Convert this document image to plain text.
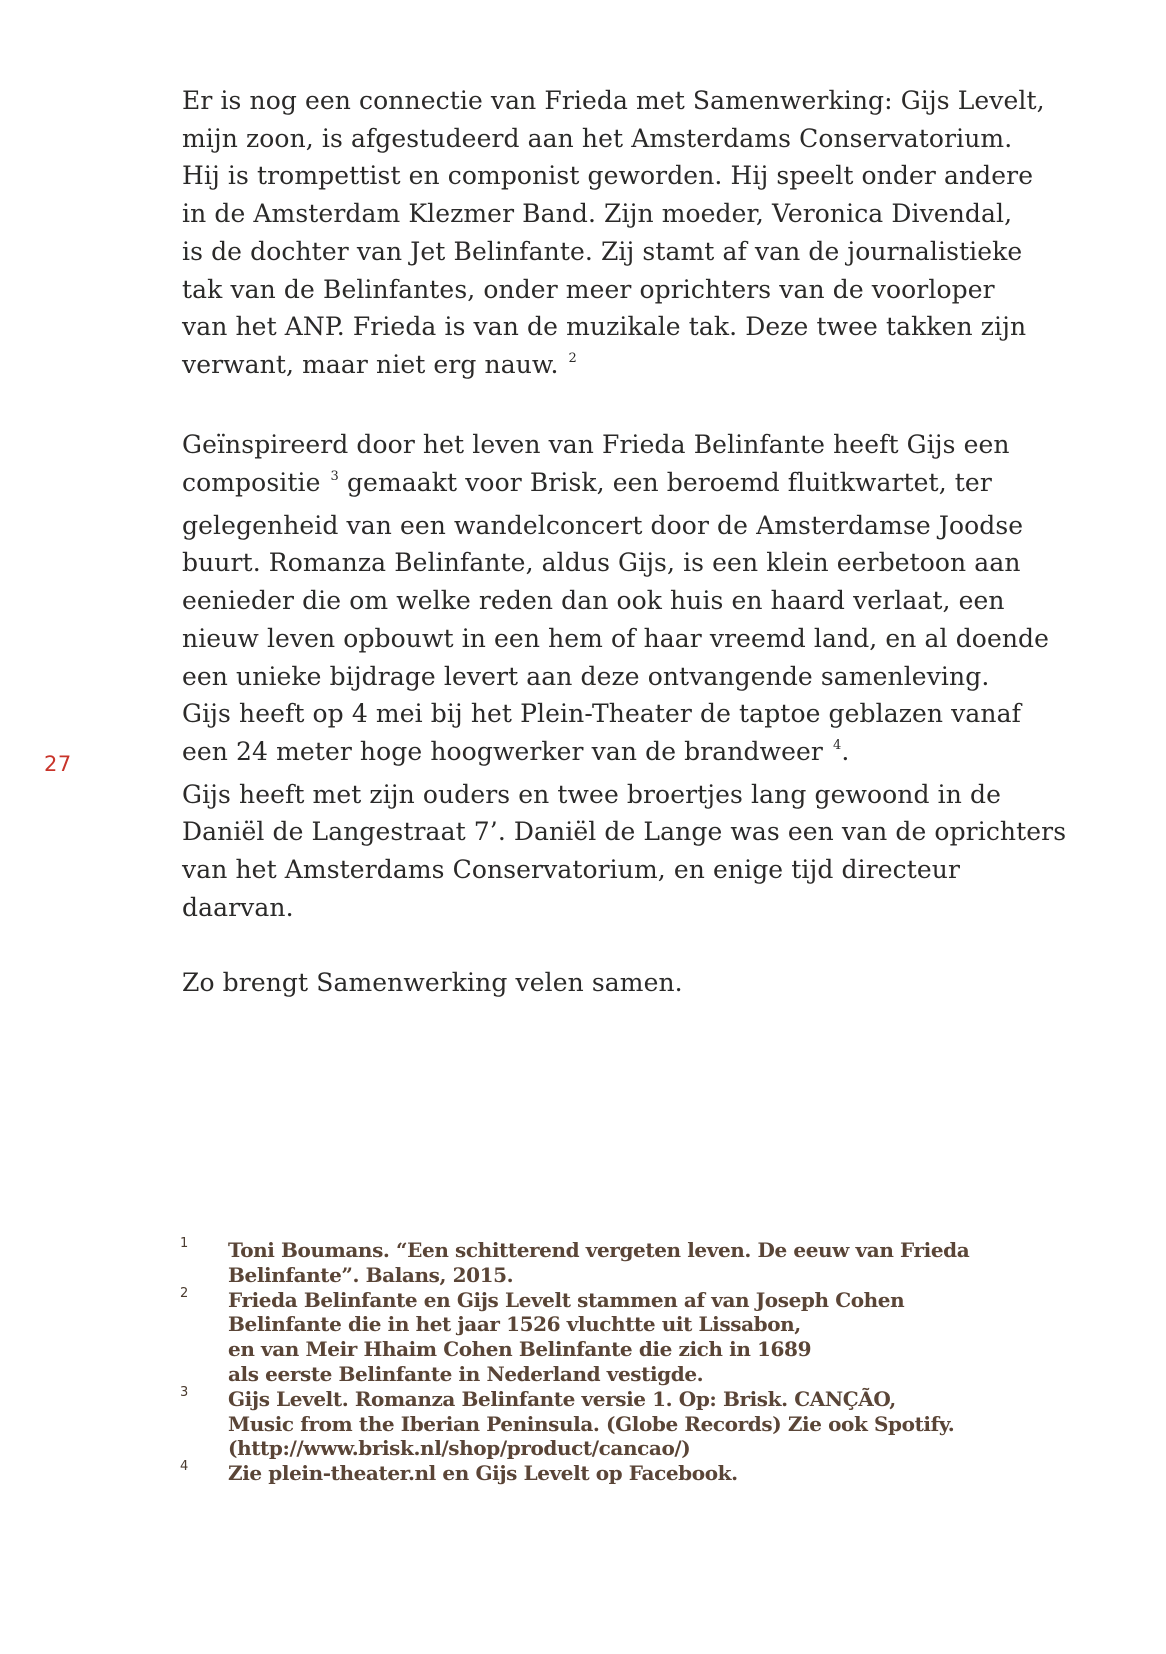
27
Er is nog een connectie van Frieda met Samenwerking: Gijs Levelt,
mijn zoon, is afgestudeerd aan het Amsterdams Conservatorium.
Hij is trompettist en componist geworden. Hij speelt onder andere
in de Amsterdam Klezmer Band. Zijn moeder, Veronica Divendal,
is de dochter van Jet Belinfante. Zij stamt af van de journalistieke
tak van de Belinfantes, onder meer oprichters van de voorloper
van het ANP. Frieda is van de muzikale tak. Deze twee takken zijn
verwant, maar niet erg nauw. $^2$
Geïnspireerd door het leven van Frieda Belinfante heeft Gijs een
compositie $^3$ gemaakt voor Brisk, een beroemd fluitkwartet, ter
gelegenheid van een wandelconcert door de Amsterdamse Joodse
buurt. Romanza Belinfante, aldus Gijs, is een klein eerbetoon aan
eenieder die om welke reden dan ook huis en haard verlaat, een
nieuw leven opbouwt in een hem of haar vreemd land, en al doende
een unieke bijdrage levert aan deze ontvangende samenleving.
Gijs heeft op 4 mei bij het Plein-Theater de taptoe geblazen vanaf
een 24 meter hoge hoogwerker van de brandweer $^4$.
Gijs heeft met zijn ouders en twee broertjes lang gewoond in de
Daniël de Langestraat 7’. Daniël de Lange was een van de oprichters
van het Amsterdams Conservatorium, en enige tijd directeur
daarvan.
Zo brengt Samenwerking velen samen.
1 Toni Boumans. “Een schitterend vergeten leven. De eeuw van Frieda
Belinfante”. Balans, 2015.
2 Frieda Belinfante en Gijs Levelt stammen af van Joseph Cohen
Belinfante die in het jaar 1526 vluchtte uit Lissabon,
en van Meir Hhaim Cohen Belinfante die zich in 1689
als eerste Belinfante in Nederland vestigde.
3 Gijs Levelt. Romanza Belinfante versie 1. Op: Brisk. CANÇÃO,
Music from the Iberian Peninsula. (Globe Records) Zie ook Spotify.
(http://www.brisk.nl/shop/product/cancao/)
4 Zie plein-theater.nl en Gijs Levelt op Facebook.
